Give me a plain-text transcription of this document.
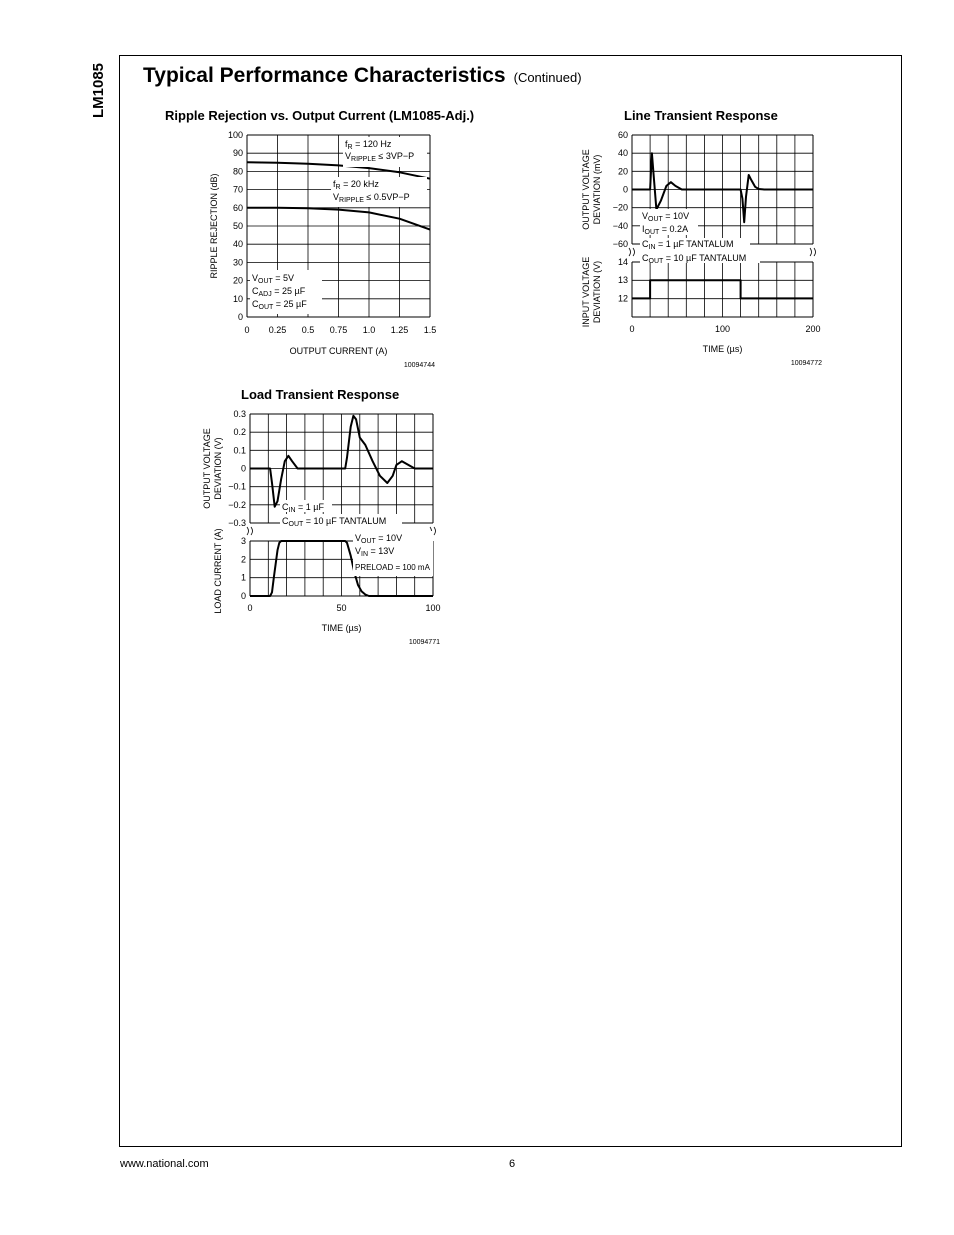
LM1085 Typical Performance Characteristics (Continued)
Ripple Rejection vs. Output Current (LM1085-Adj.)
0
10
20
30
40
50
60
70
80
90
100
0 0.25 0.5 0.75 1.0 1.25 1.5
OUTPUT CURRENT (A)
RIPPLE REJECTION (dB)
$f_R = 120$ Hz
$V_{RIPPLE} \le 3VP-P$
$f_R = 20$ kHz
$V_{RIPPLE} \le 0.5VP-P$
$V_{OUT} = 5V$
$C_{ADJ} = 25$ µF
$C_{OUT} = 25$ µF
10094744
Line Transient Response
60
40
20
0
−20
−40
−60
14
13
12
0	100	200
TIME (µs)
OUTPUT VOLTAGE DEVIATION (mV)
INPUT VOLTAGE DEVIATION (V)
$V_{OUT} = 10V$
$I_{OUT} = 0.2A$
$C_{IN} = 1$ µF TANTALUM
$C_{OUT} = 10$ µF TANTALUM
10094772
Load Transient Response
0.3
0.2
0.1
0
−0.1
−0.2
−0.3
3
2
1
0
0	50	100
TIME (µs)
OUTPUT VOLTAGE DEVIATION (V)
LOAD CURRENT (A)
$C_{IN} = 1$ µF
$C_{OUT} = 10$ µF TANTALUM
$V_{OUT} = 10V$
$V_{IN} = 13V$
PRELOAD = 100 mA
10094771
www.national.com	6
